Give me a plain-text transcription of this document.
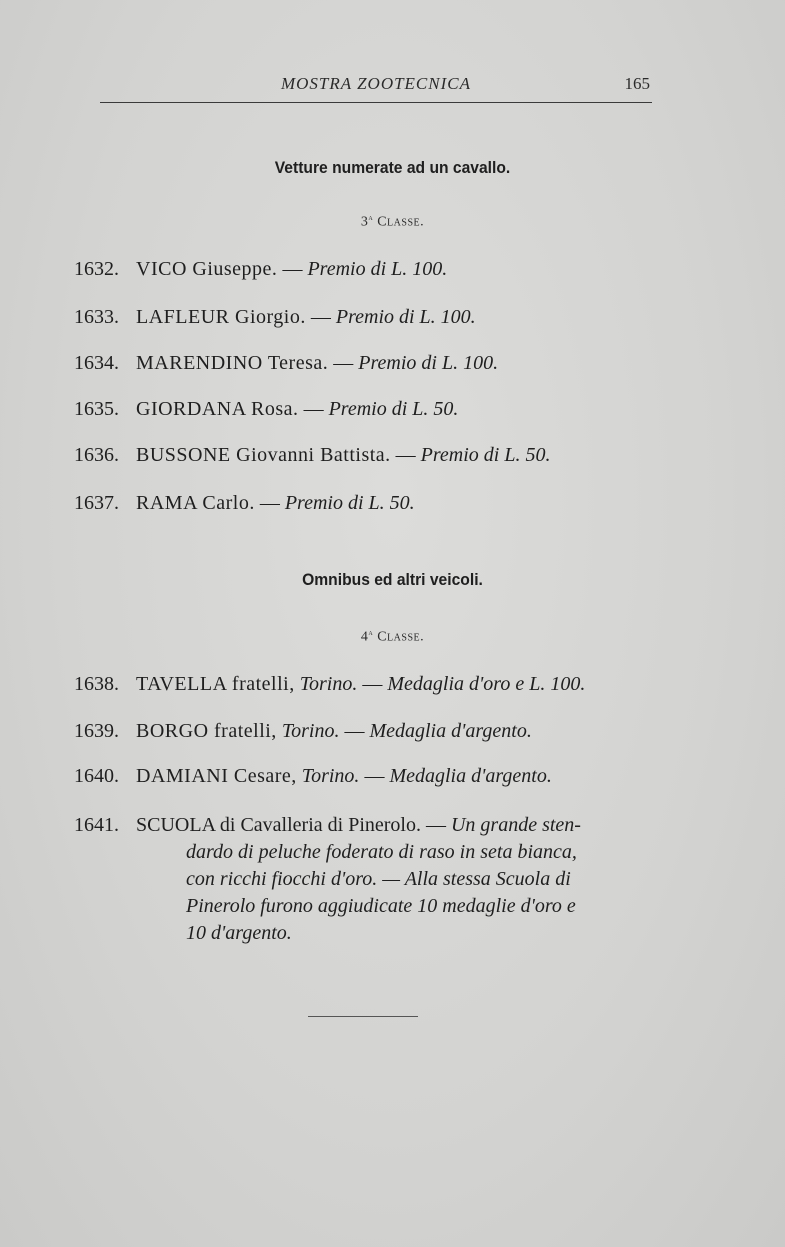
MOSTRA ZOOTECNICA	165
Vetture numerate ad un cavallo.
3$^a$ Classe.
1632. VICO Giuseppe. — Premio di L. 100.
1633. LAFLEUR Giorgio. — Premio di L. 100.
1634. MARENDINO Teresa. — Premio di L. 100.
1635. GIORDANA Rosa. — Premio di L. 50.
1636. BUSSONE Giovanni Battista. — Premio di L. 50.
1637. RAMA Carlo. — Premio di L. 50.
Omnibus ed altri veicoli.
4$^a$ Classe.
1638. TAVELLA fratelli, Torino. — Medaglia d'oro e L. 100.
1639. BORGO fratelli, Torino. — Medaglia d'argento.
1640. DAMIANI Cesare, Torino. — Medaglia d'argento.
1641. SCUOLA di Cavalleria di Pinerolo. — Un grande sten-
dardo di peluche foderato di raso in seta bianca,
con ricchi fiocchi d'oro. — Alla stessa Scuola di
Pinerolo furono aggiudicate 10 medaglie d'oro e
10 d'argento.
